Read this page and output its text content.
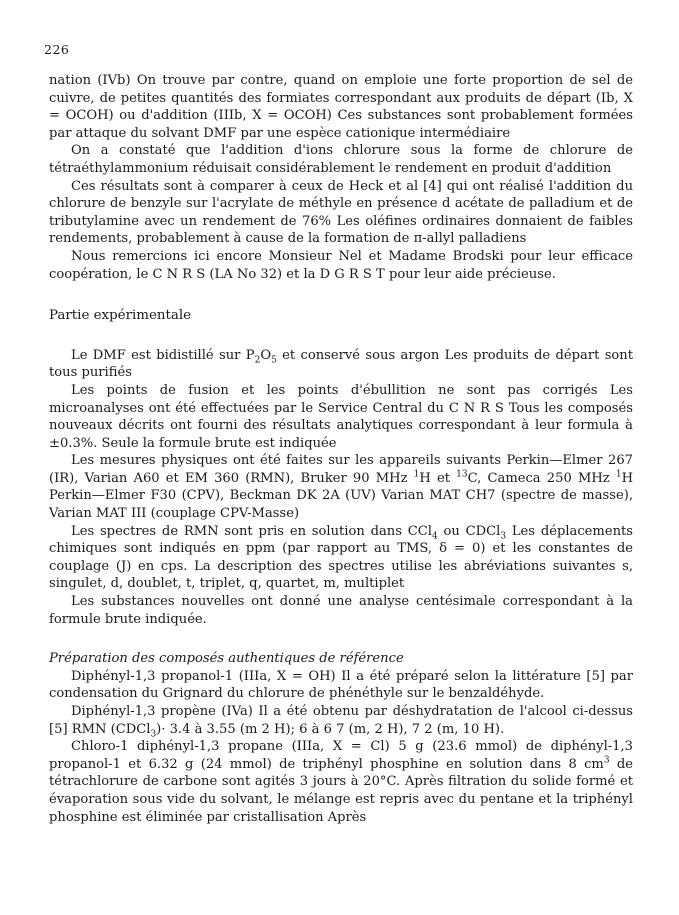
226

nation (IVb) On trouve par contre, quand on emploie une forte proportion de sel de cuivre, de petites quantités des formiates correspondant aux produits de départ (Ib, X = OCOH) ou d'addition (IIIb, X = OCOH) Ces substances sont probablement formées par attaque du solvant DMF par une espèce cationique intermédiaire

On a constaté que l'addition d'ions chlorure sous la forme de chlorure de tétraéthylammonium réduisait considérablement le rendement en produit d'addition

Ces résultats sont à comparer à ceux de Heck et al [4] qui ont réalisé l'addition du chlorure de benzyle sur l'acrylate de méthyle en présence d acétate de palladium et de tributylamine avec un rendement de 76% Les oléfines ordinaires donnaient de faibles rendements, probablement à cause de la formation de π-allyl palladiens

Nous remercions ici encore Monsieur Nel et Madame Brodski pour leur efficace coopération, le C N R S (LA No 32) et la D G R S T pour leur aide précieuse.

Partie expérimentale

Le DMF est bidistillé sur $P_2O_5$ et conservé sous argon Les produits de départ sont tous purifiés

Les points de fusion et les points d'ébullition ne sont pas corrigés Les microanalyses ont été effectuées par le Service Central du C N R S Tous les composés nouveaux décrits ont fourni des résultats analytiques correspondant à leur formula à ±0.3%. Seule la formule brute est indiquée

Les mesures physiques ont été faites sur les appareils suivants Perkin—Elmer 267 (IR), Varian A60 et EM 360 (RMN), Bruker 90 MHz $^1$H et $^{13}$C, Cameca 250 MHz $^1$H Perkin—Elmer F30 (CPV), Beckman DK 2A (UV) Varian MAT CH7 (spectre de masse), Varian MAT III (couplage CPV-Masse)

Les spectres de RMN sont pris en solution dans CCl$_4$ ou CDCl$_3$ Les déplacements chimiques sont indiqués en ppm (par rapport au TMS, δ = 0) et les constantes de couplage (J) en cps. La description des spectres utilise les abréviations suivantes s, singulet, d, doublet, t, triplet, q, quartet, m, multiplet

Les substances nouvelles ont donné une analyse centésimale correspondant à la formule brute indiquée.

Préparation des composés authentiques de référence

Diphényl-1,3 propanol-1 (IIIa, X = OH) Il a été préparé selon la littérature [5] par condensation du Grignard du chlorure de phénéthyle sur le benzaldéhyde.

Diphényl-1,3 propène (IVa) Il a été obtenu par déshydratation de l'alcool ci-dessus [5] RMN (CDCl$_3$)· 3.4 à 3.55 (m 2 H); 6 à 6 7 (m, 2 H), 7 2 (m, 10 H).

Chloro-1 diphényl-1,3 propane (IIIa, X = Cl) 5 g (23.6 mmol) de diphényl-1,3 propanol-1 et 6.32 g (24 mmol) de triphényl phosphine en solution dans 8 $cm^3$ de tétrachlorure de carbone sont agités 3 jours à 20°C. Après filtration du solide formé et évaporation sous vide du solvant, le mélange est repris avec du pentane et la triphényl phosphine est éliminée par cristallisation Après
